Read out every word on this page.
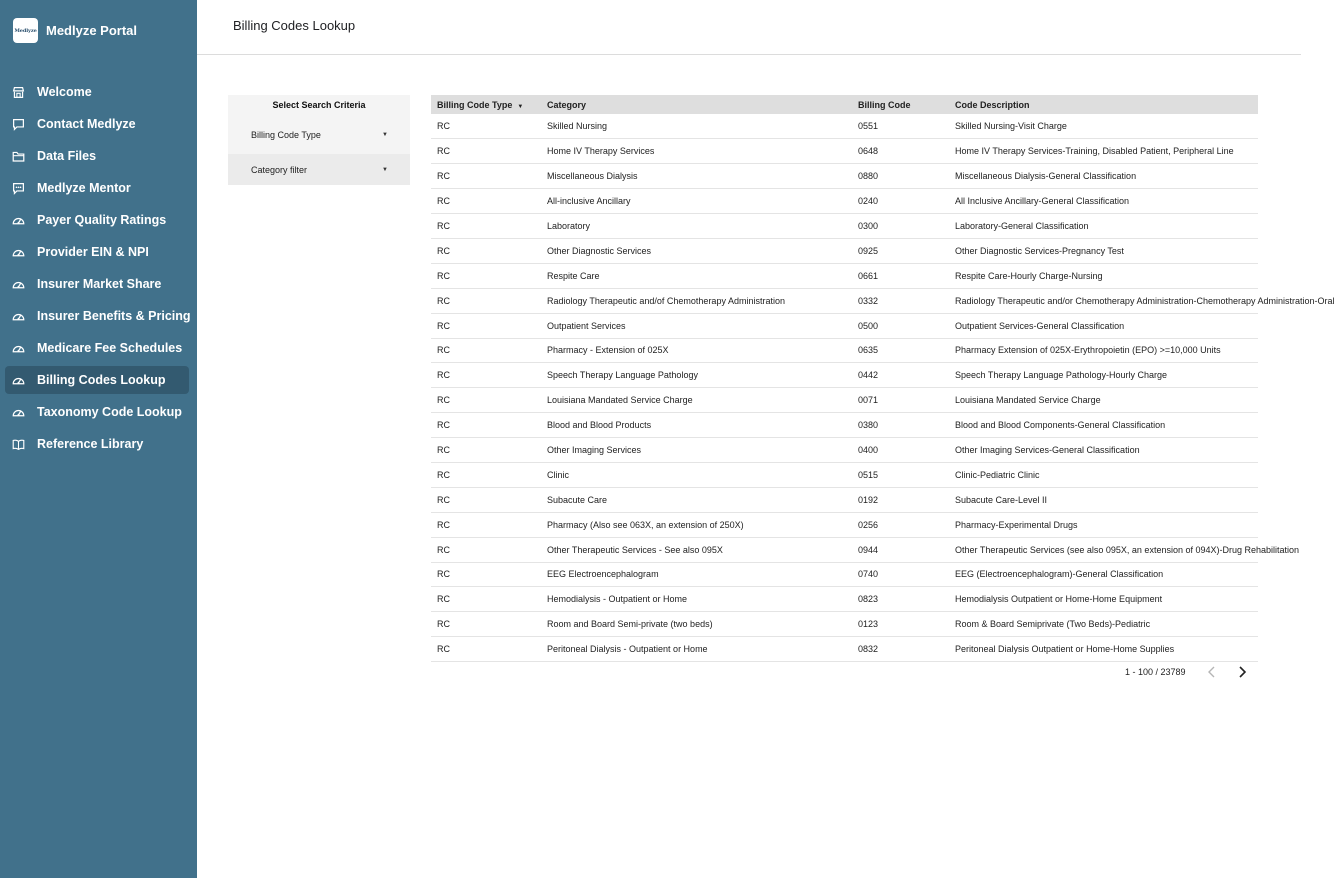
Medlyze Medlyze Portal
Welcome
Contact Medlyze
Data Files
Medlyze Mentor
Payer Quality Ratings
Provider EIN & NPI
Insurer Market Share
Insurer Benefits & Pricing
Medicare Fee Schedules
Billing Codes Lookup
Taxonomy Code Lookup
Reference Library
Billing Codes Lookup
Select Search Criteria
Billing Code Type	▼
Category filter	▼
Billing Code Type ▼	Category	Billing Code	Code Description
RC	Skilled Nursing	0551	Skilled Nursing-Visit Charge
RC	Home IV Therapy Services	0648	Home IV Therapy Services-Training, Disabled Patient, Peripheral Line
RC	Miscellaneous Dialysis	0880	Miscellaneous Dialysis-General Classification
RC	All-inclusive Ancillary	0240	All Inclusive Ancillary-General Classification
RC	Laboratory	0300	Laboratory-General Classification
RC	Other Diagnostic Services	0925	Other Diagnostic Services-Pregnancy Test
RC	Respite Care	0661	Respite Care-Hourly Charge-Nursing
RC	Radiology Therapeutic and/of Chemotherapy Administration	0332	Radiology Therapeutic and/or Chemotherapy Administration-Chemotherapy Administration-Oral
RC	Outpatient Services	0500	Outpatient Services-General Classification
RC	Pharmacy - Extension of 025X	0635	Pharmacy Extension of 025X-Erythropoietin (EPO) >=10,000 Units
RC	Speech Therapy Language Pathology	0442	Speech Therapy Language Pathology-Hourly Charge
RC	Louisiana Mandated Service Charge	0071	Louisiana Mandated Service Charge
RC	Blood and Blood Products	0380	Blood and Blood Components-General Classification
RC	Other Imaging Services	0400	Other Imaging Services-General Classification
RC	Clinic	0515	Clinic-Pediatric Clinic
RC	Subacute Care	0192	Subacute Care-Level II
RC	Pharmacy (Also see 063X, an extension of 250X)	0256	Pharmacy-Experimental Drugs
RC	Other Therapeutic Services - See also 095X	0944	Other Therapeutic Services (see also 095X, an extension of 094X)-Drug Rehabilitation
RC	EEG Electroencephalogram	0740	EEG (Electroencephalogram)-General Classification
RC	Hemodialysis - Outpatient or Home	0823	Hemodialysis Outpatient or Home-Home Equipment
RC	Room and Board Semi-private (two beds)	0123	Room & Board Semiprivate (Two Beds)-Pediatric
RC	Peritoneal Dialysis - Outpatient or Home	0832	Peritoneal Dialysis Outpatient or Home-Home Supplies
1 - 100 / 23789
